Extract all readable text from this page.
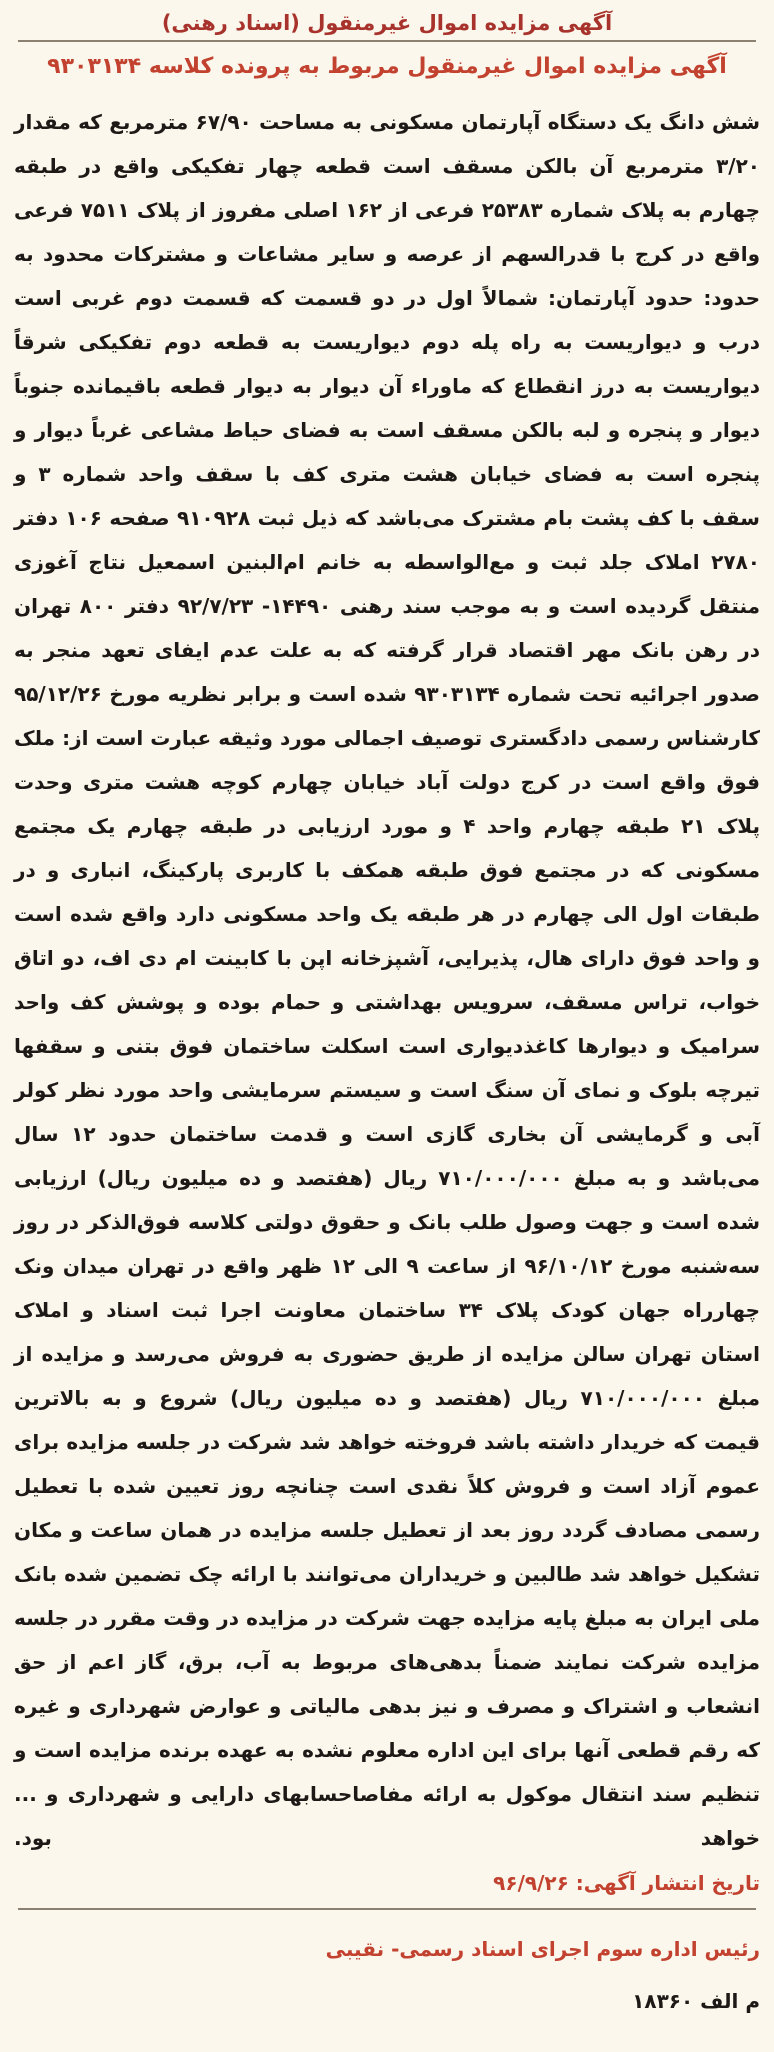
آگهی مزایده اموال غیرمنقول (اسناد رهنی)
آگهی مزایده اموال غیرمنقول مربوط به پرونده کلاسه ۹۳۰۳۱۳۴
شش دانگ یک دستگاه آپارتمان مسکونی به مساحت ۶۷/۹۰ مترمربع که مقدار ۳/۲۰ مترمربع آن بالکن مسقف است قطعه چهار تفکیکی واقع در طبقه چهارم به پلاک شماره ۲۵۳۸۳ فرعی از ۱۶۲ اصلی مفروز از پلاک ۷۵۱۱ فرعی واقع در کرج با قدرالسهم از عرصه و سایر مشاعات و مشترکات محدود به حدود: حدود آپارتمان: شمالاً اول در دو قسمت که قسمت دوم غربی است درب و دیواریست به راه پله دوم دیواریست به قطعه دوم تفکیکی شرقاً دیواریست به درز انقطاع که ماوراء آن دیوار به دیوار قطعه باقیمانده جنوباً دیوار و پنجره و لبه بالکن مسقف است به فضای حیاط مشاعی غرباً دیوار و پنجره است به فضای خیابان هشت متری کف با سقف واحد شماره ۳ و سقف با کف پشت بام مشترک می‌باشد که ذیل ثبت ۹۱۰۹۲۸ صفحه ۱۰۶ دفتر ۲۷۸۰ املاک جلد ثبت و مع‌الواسطه به خانم ام‌البنین اسمعیل نتاج آغوزی منتقل گردیده است و به موجب سند رهنی ۱۴۴۹۰- ۹۲/۷/۲۳ دفتر ۸۰۰ تهران در رهن بانک مهر اقتصاد قرار گرفته که به علت عدم ایفای تعهد منجر به صدور اجرائیه تحت شماره ۹۳۰۳۱۳۴ شده است و برابر نظریه مورخ ۹۵/۱۲/۲۶ کارشناس رسمی دادگستری توصیف اجمالی مورد وثیقه عبارت است از: ملک فوق واقع است در کرج دولت آباد خیابان چهارم کوچه هشت متری وحدت پلاک ۲۱ طبقه چهارم واحد ۴ و مورد ارزیابی در طبقه چهارم یک مجتمع مسکونی که در مجتمع فوق طبقه همکف با کاربری پارکینگ، انباری و در طبقات اول الی چهارم در هر طبقه یک واحد مسکونی دارد واقع شده است و واحد فوق دارای هال، پذیرایی، آشپزخانه اپن با کابینت ام دی اف، دو اتاق خواب، تراس مسقف، سرویس بهداشتی و حمام بوده و پوشش کف واحد سرامیک و دیوارها کاغذدیواری است اسکلت ساختمان فوق بتنی و سقفها تیرچه بلوک و نمای آن سنگ است و سیستم سرمایشی واحد مورد نظر کولر آبی و گرمایشی آن بخاری گازی است و قدمت ساختمان حدود ۱۲ سال می‌باشد و به مبلغ ۷۱۰/۰۰۰/۰۰۰ ریال (هفتصد و ده میلیون ریال) ارزیابی شده است و جهت وصول طلب بانک و حقوق دولتی کلاسه فوق‌الذکر در روز سه‌شنبه مورخ ۹۶/۱۰/۱۲ از ساعت ۹ الی ۱۲ ظهر واقع در تهران میدان ونک چهارراه جهان کودک پلاک ۳۴ ساختمان معاونت اجرا ثبت اسناد و املاک استان تهران سالن مزایده از طریق حضوری به فروش می‌رسد و مزایده از مبلغ ۷۱۰/۰۰۰/۰۰۰ ریال (هفتصد و ده میلیون ریال) شروع و به بالاترین قیمت که خریدار داشته باشد فروخته خواهد شد شرکت در جلسه مزایده برای عموم آزاد است و فروش کلاً نقدی است چنانچه روز تعیین شده با تعطیل رسمی مصادف گردد روز بعد از تعطیل جلسه مزایده در همان ساعت و مکان تشکیل خواهد شد طالبین و خریداران می‌توانند با ارائه چک تضمین شده بانک ملی ایران به مبلغ پایه مزایده جهت شرکت در مزایده در وقت مقرر در جلسه مزایده شرکت نمایند ضمناً بدهی‌های مربوط به آب، برق، گاز اعم از حق انشعاب و اشتراک و مصرف و نیز بدهی مالیاتی و عوارض شهرداری و غیره که رقم قطعی آنها برای این اداره معلوم نشده به عهده برنده مزایده است و تنظیم سند انتقال موکول به ارائه مفاصاحسابهای دارایی و شهرداری و ... خواهد بود.
تاریخ انتشار آگهی: ۹۶/۹/۲۶
رئیس اداره سوم اجرای اسناد رسمی- نقیبی
م الف ۱۸۳۶۰
